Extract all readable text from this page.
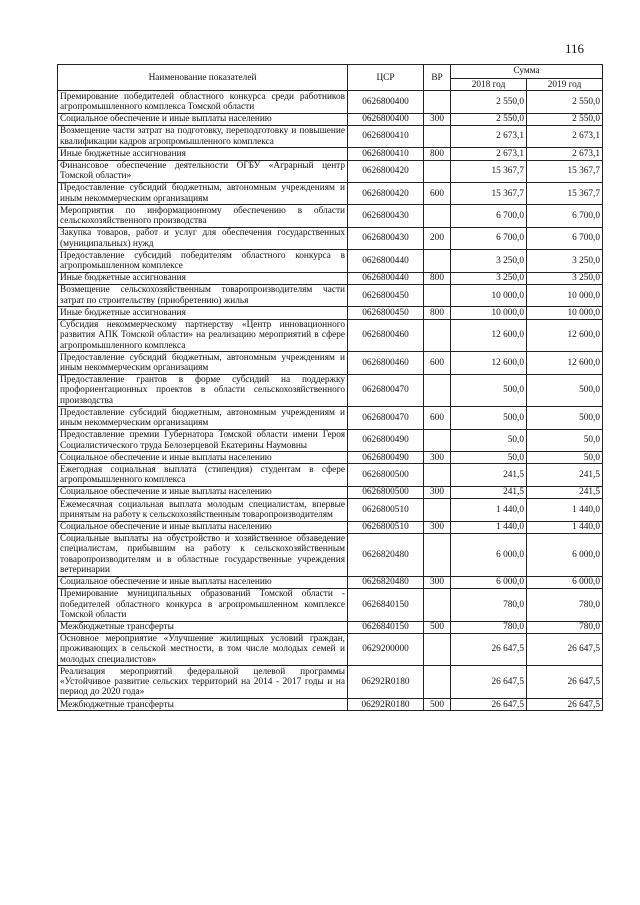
116
Наименование показателей	ЦСР	ВР	Сумма	
			2018 год	2019 год
Премирование победителей областного конкурса среди работников агропромышленного комплекса Томской области	0626800400		2 550,0	2 550,0
Социальное обеспечение и иные выплаты населению	0626800400	300	2 550,0	2 550,0
Возмещение части затрат на подготовку, переподготовку и повышение квалификации кадров агропромышленного комплекса	0626800410		2 673,1	2 673,1
Иные бюджетные ассигнования	0626800410	800	2 673,1	2 673,1
Финансовое обеспечение деятельности ОГБУ «Аграрный центр Томской области»	0626800420		15 367,7	15 367,7
Предоставление субсидий бюджетным, автономным учреждениям и иным некоммерческим организациям	0626800420	600	15 367,7	15 367,7
Мероприятия по информационному обеспечению в области сельскохозяйственного производства	0626800430		6 700,0	6 700,0
Закупка товаров, работ и услуг для обеспечения государственных (муниципальных) нужд	0626800430	200	6 700,0	6 700,0
Предоставление субсидий победителям областного конкурса в агропромышленном комплексе	0626800440		3 250,0	3 250,0
Иные бюджетные ассигнования	0626800440	800	3 250,0	3 250,0
Возмещение сельскохозяйственным товаропроизводителям части затрат по строительству (приобретению) жилья	0626800450		10 000,0	10 000,0
Иные бюджетные ассигнования	0626800450	800	10 000,0	10 000,0
Субсидия некоммерческому партнерству «Центр инновационного развития АПК Томской области» на реализацию мероприятий в сфере агропромышленного комплекса	0626800460		12 600,0	12 600,0
Предоставление субсидий бюджетным, автономным учреждениям и иным некоммерческим организациям	0626800460	600	12 600,0	12 600,0
Предоставление грантов в форме субсидий на поддержку профориентационных проектов в области сельскохозяйственного производства	0626800470		500,0	500,0
Предоставление субсидий бюджетным, автономным учреждениям и иным некоммерческим организациям	0626800470	600	500,0	500,0
Предоставление премии Губернатора Томской области имени Героя Социалистического труда Белозерцевой Екатерины Наумовны	0626800490		50,0	50,0
Социальное обеспечение и иные выплаты населению	0626800490	300	50,0	50,0
Ежегодная социальная выплата (стипендия) студентам в сфере агропромышленного комплекса	0626800500		241,5	241,5
Социальное обеспечение и иные выплаты населению	0626800500	300	241,5	241,5
Ежемесячная социальная выплата молодым специалистам, впервые принятым на работу к сельскохозяйственным товаропроизводителям	0626800510		1 440,0	1 440,0
Социальное обеспечение и иные выплаты населению	0626800510	300	1 440,0	1 440,0
Социальные выплаты на обустройство и хозяйственное обзаведение специалистам, прибывшим на работу к сельскохозяйственным товаропроизводителям и в областные государственные учреждения ветеринарии	0626820480		6 000,0	6 000,0
Социальное обеспечение и иные выплаты населению	0626820480	300	6 000,0	6 000,0
Премирование муниципальных образований Томской области - победителей областного конкурса в агропромышленном комплексе Томской области	0626840150		780,0	780,0
Межбюджетные трансферты	0626840150	500	780,0	780,0
Основное мероприятие «Улучшение жилищных условий граждан, проживающих в сельской местности, в том числе молодых семей и молодых специалистов»	0629200000		26 647,5	26 647,5
Реализация мероприятий федеральной целевой программы «Устойчивое развитие сельских территорий на 2014 - 2017 годы и на период до 2020 года»	06292R0180		26 647,5	26 647,5
Межбюджетные трансферты	06292R0180	500	26 647,5	26 647,5
